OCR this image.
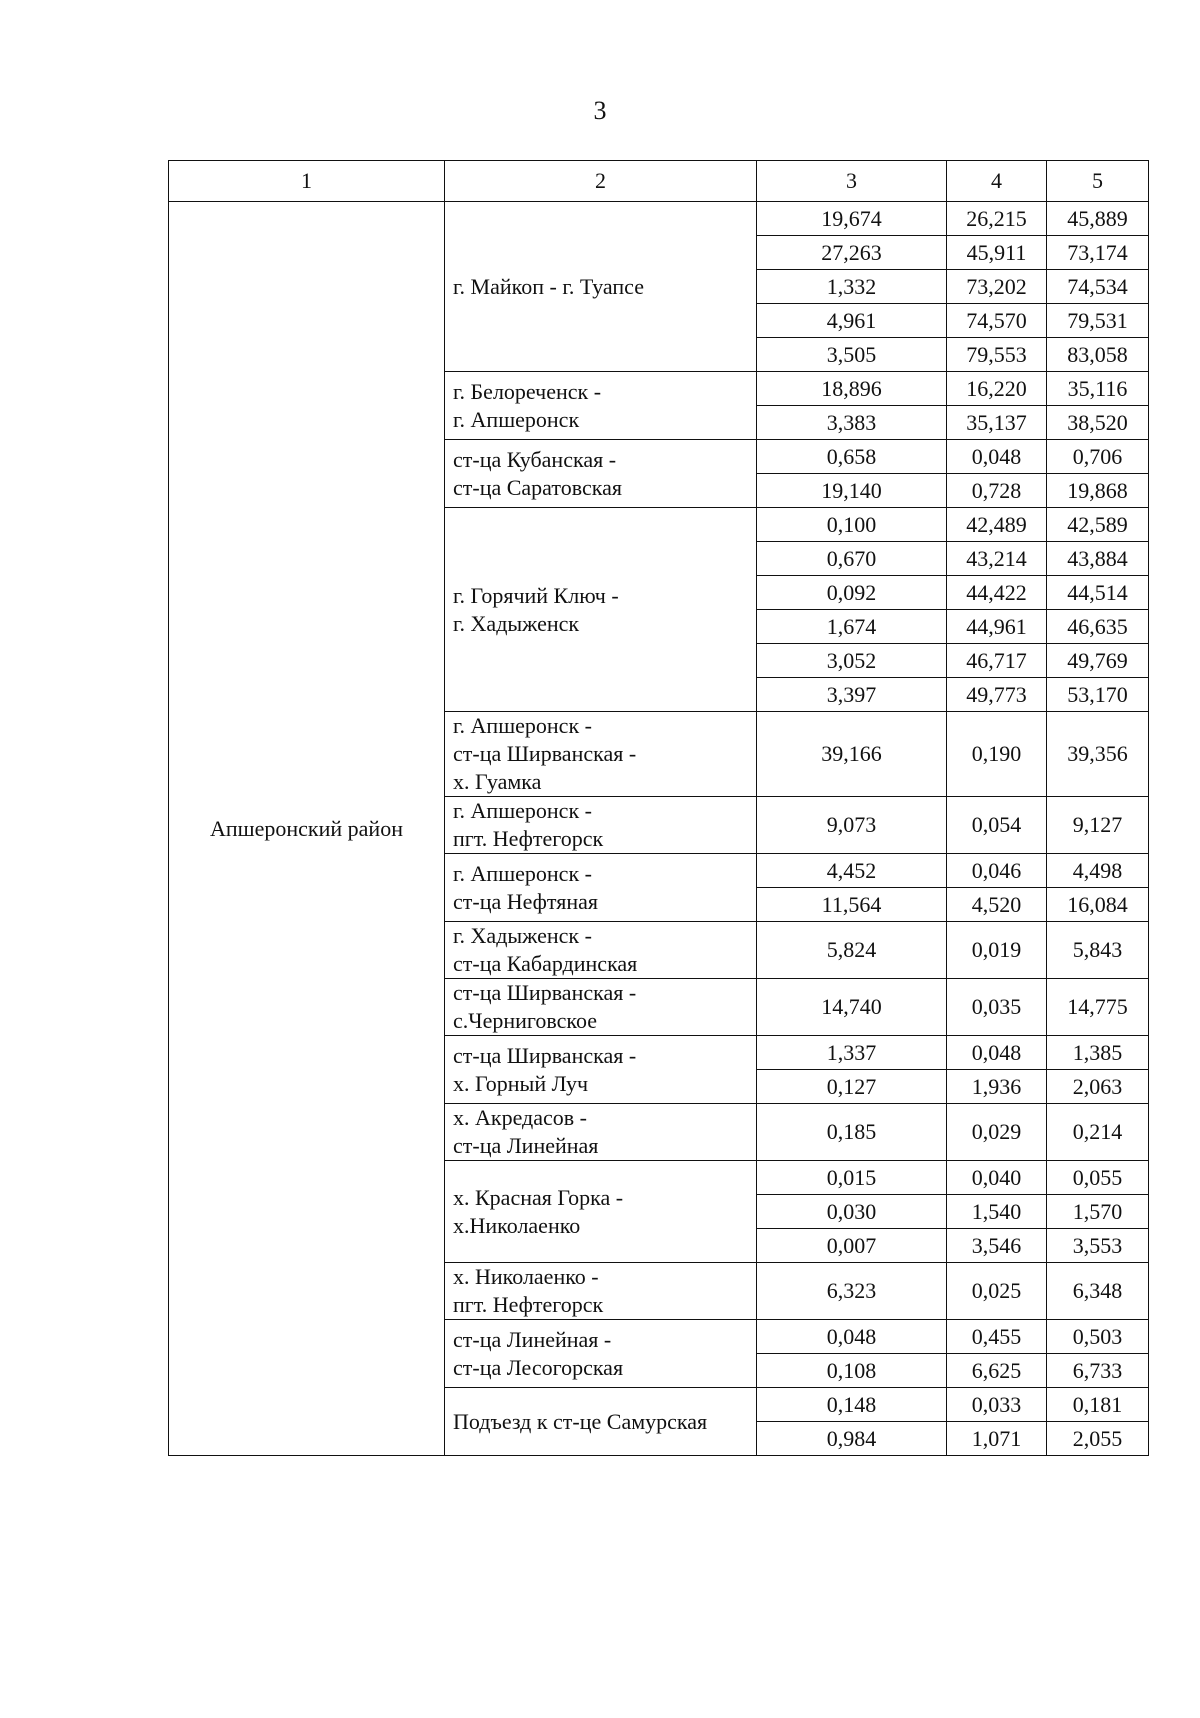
3
1	2	3	4	5
Апшеронский район	г. Майкоп - г. Туапсе	19,674	26,215	45,889
		27,263	45,911	73,174
		1,332	73,202	74,534
		4,961	74,570	79,531
		3,505	79,553	83,058

	г. Белореченск -
г. Апшеронск	18,896	16,220	35,116
		3,383	35,137	38,520

	ст-ца Кубанская -
ст-ца Саратовская	0,658	0,048	0,706
		19,140	0,728	19,868

	г. Горячий Ключ -
г. Хадыженск	0,100	42,489	42,589
		0,670	43,214	43,884
		0,092	44,422	44,514
		1,674	44,961	46,635
		3,052	46,717	49,769
		3,397	49,773	53,170

	г. Апшеронск -
ст-ца Ширванская -
х. Гуамка	39,166	0,190	39,356

	г. Апшеронск -
пгт. Нефтегорск	9,073	0,054	9,127

	г. Апшеронск -
ст-ца Нефтяная	4,452	0,046	4,498
		11,564	4,520	16,084

	г. Хадыженск -
ст-ца Кабардинская	5,824	0,019	5,843

	ст-ца Ширванская -
с.Черниговское	14,740	0,035	14,775

	ст-ца Ширванская -
х. Горный Луч	1,337	0,048	1,385
		0,127	1,936	2,063

	х. Акредасов -
ст-ца Линейная	0,185	0,029	0,214

	х. Красная Горка -
х.Николаенко	0,015	0,040	0,055
		0,030	1,540	1,570
		0,007	3,546	3,553

	х. Николаенко -
пгт. Нефтегорск	6,323	0,025	6,348

	ст-ца Линейная -
ст-ца Лесогорская	0,048	0,455	0,503
		0,108	6,625	6,733

	Подъезд к ст-це Самурская	0,148	0,033	0,181
		0,984	1,071	2,055
